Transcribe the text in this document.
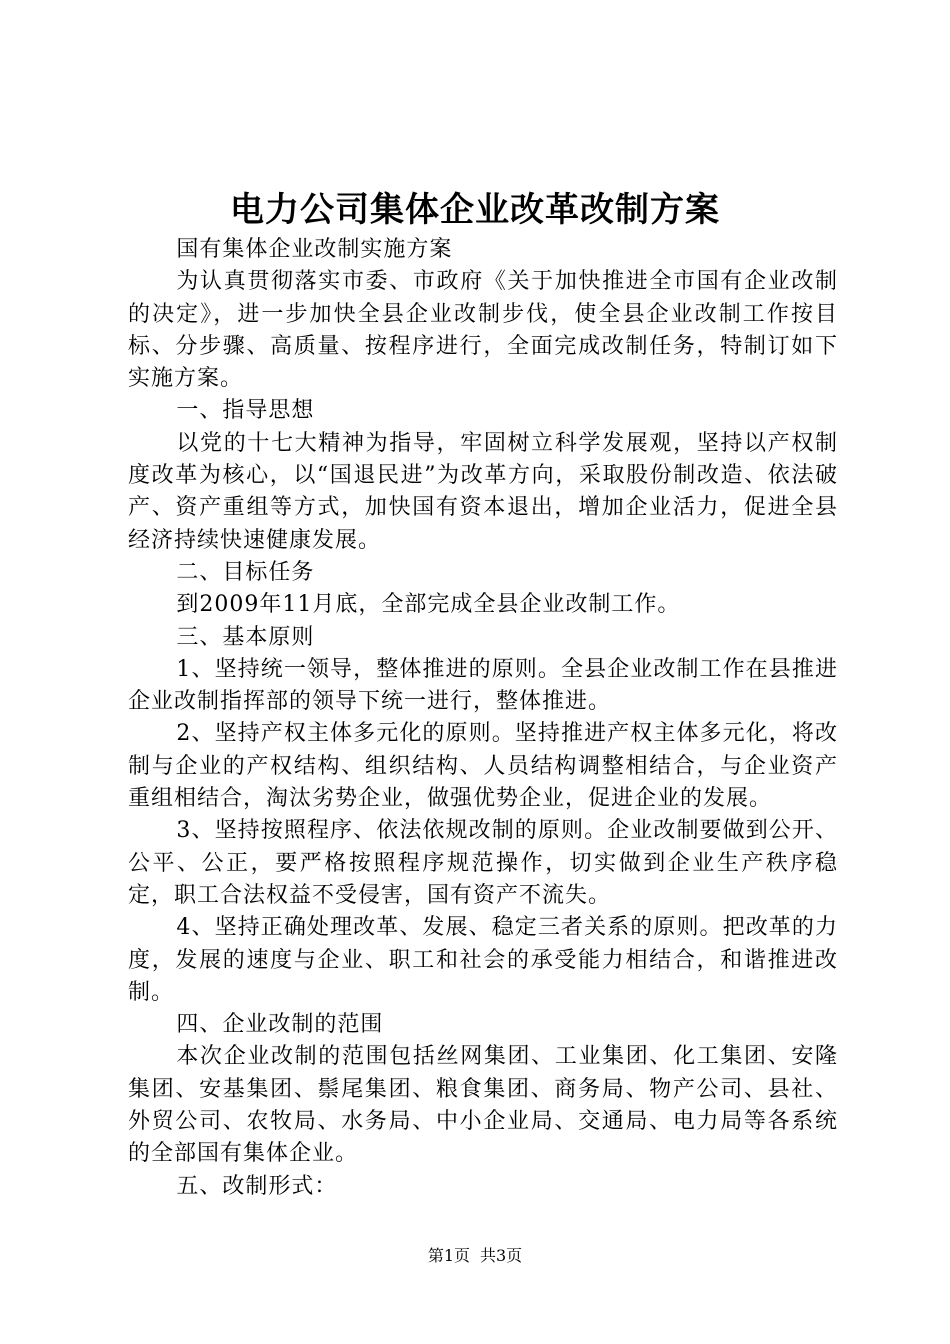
电力公司集体企业改革改制方案

国有集体企业改制实施方案

为认真贯彻落实市委、市政府《关于加快推进全市国有企业改制的决定》，进一步加快全县企业改制步伐，使全县企业改制工作按目标、分步骤、高质量、按程序进行，全面完成改制任务，特制订如下实施方案。

一、指导思想

以党的十七大精神为指导，牢固树立科学发展观，坚持以产权制度改革为核心，以“国退民进”为改革方向，采取股份制改造、依法破产、资产重组等方式，加快国有资本退出，增加企业活力，促进全县经济持续快速健康发展。

二、目标任务

到2009年11月底，全部完成全县企业改制工作。

三、基本原则

1、坚持统一领导，整体推进的原则。全县企业改制工作在县推进企业改制指挥部的领导下统一进行，整体推进。

2、坚持产权主体多元化的原则。坚持推进产权主体多元化，将改制与企业的产权结构、组织结构、人员结构调整相结合，与企业资产重组相结合，淘汰劣势企业，做强优势企业，促进企业的发展。

3、坚持按照程序、依法依规改制的原则。企业改制要做到公开、公平、公正，要严格按照程序规范操作，切实做到企业生产秩序稳定，职工合法权益不受侵害，国有资产不流失。

4、坚持正确处理改革、发展、稳定三者关系的原则。把改革的力度，发展的速度与企业、职工和社会的承受能力相结合，和谐推进改制。

四、企业改制的范围

本次企业改制的范围包括丝网集团、工业集团、化工集团、安隆集团、安基集团、鬃尾集团、粮食集团、商务局、物产公司、县社、外贸公司、农牧局、水务局、中小企业局、交通局、电力局等各系统的全部国有集体企业。

五、改制形式：

第1页 共3页
